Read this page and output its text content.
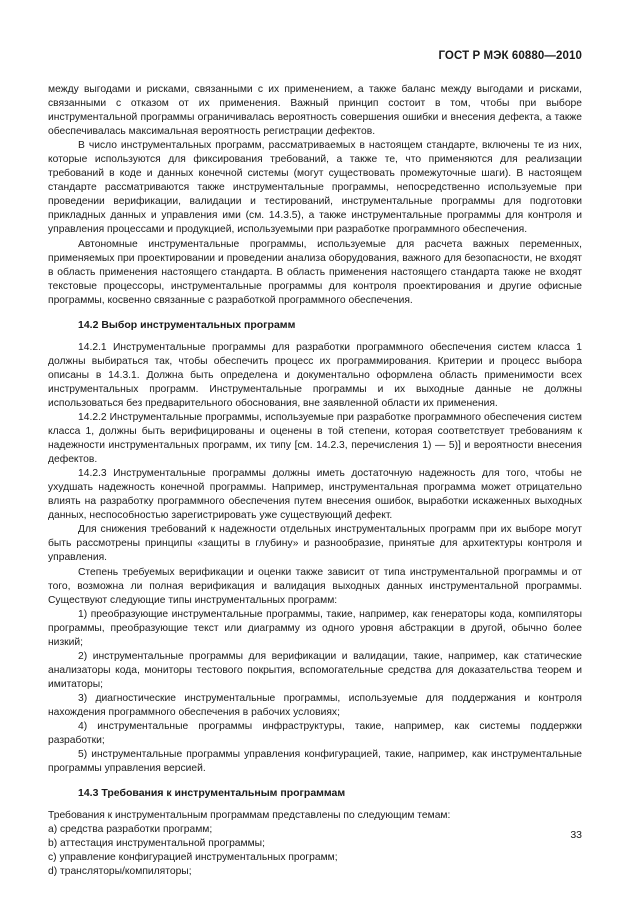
ГОСТ Р МЭК 60880—2010

между выгодами и рисками, связанными с их применением, а также баланс между выгодами и рисками, связанными с отказом от их применения. Важный принцип состоит в том, чтобы при выборе инструментальной программы ограничивалась вероятность совершения ошибки и внесения дефекта, а также обеспечивалась максимальная вероятность регистрации дефектов.

В число инструментальных программ, рассматриваемых в настоящем стандарте, включены те из них, которые используются для фиксирования требований, а также те, что применяются для реализации требований в коде и данных конечной системы (могут существовать промежуточные шаги). В настоящем стандарте рассматриваются также инструментальные программы, непосредственно используемые при проведении верификации, валидации и тестирований, инструментальные программы для подготовки прикладных данных и управления ими (см. 14.3.5), а также инструментальные программы для контроля и управления процессами и продукцией, используемыми при разработке программного обеспечения.

Автономные инструментальные программы, используемые для расчета важных переменных, применяемых при проектировании и проведении анализа оборудования, важного для безопасности, не входят в область применения настоящего стандарта. В область применения настоящего стандарта также не входят текстовые процессоры, инструментальные программы для контроля проектирования и другие офисные программы, косвенно связанные с разработкой программного обеспечения.

14.2 Выбор инструментальных программ

14.2.1 Инструментальные программы для разработки программного обеспечения систем класса 1 должны выбираться так, чтобы обеспечить процесс их программирования. Критерии и процесс выбора описаны в 14.3.1. Должна быть определена и документально оформлена область применимости всех инструментальных программ. Инструментальные программы и их выходные данные не должны использоваться без предварительного обоснования, вне заявленной области их применения.

14.2.2 Инструментальные программы, используемые при разработке программного обеспечения систем класса 1, должны быть верифицированы и оценены в той степени, которая соответствует требованиям к надежности инструментальных программ, их типу [см. 14.2.3, перечисления 1) — 5)] и вероятности внесения дефектов.

14.2.3 Инструментальные программы должны иметь достаточную надежность для того, чтобы не ухудшать надежность конечной программы. Например, инструментальная программа может отрицательно влиять на разработку программного обеспечения путем внесения ошибок, выработки искаженных выходных данных, неспособностью зарегистрировать уже существующий дефект.

Для снижения требований к надежности отдельных инструментальных программ при их выборе могут быть рассмотрены принципы «защиты в глубину» и разнообразие, принятые для архитектуры контроля и управления.

Степень требуемых верификации и оценки также зависит от типа инструментальной программы и от того, возможна ли полная верификация и валидация выходных данных инструментальной программы. Существуют следующие типы инструментальных программ:

1) преобразующие инструментальные программы, такие, например, как генераторы кода, компиляторы программы, преобразующие текст или диаграмму из одного уровня абстракции в другой, обычно более низкий;

2) инструментальные программы для верификации и валидации, такие, например, как статические анализаторы кода, мониторы тестового покрытия, вспомогательные средства для доказательства теорем и имитаторы;

3) диагностические инструментальные программы, используемые для поддержания и контроля нахождения программного обеспечения в рабочих условиях;

4) инструментальные программы инфраструктуры, такие, например, как системы поддержки разработки;

5) инструментальные программы управления конфигурацией, такие, например, как инструментальные программы управления версией.

14.3 Требования к инструментальным программам

Требования к инструментальным программам представлены по следующим темам:

a) средства разработки программ;

b) аттестация инструментальной программы;

c) управление конфигурацией инструментальных программ;

d) трансляторы/компиляторы;

33
